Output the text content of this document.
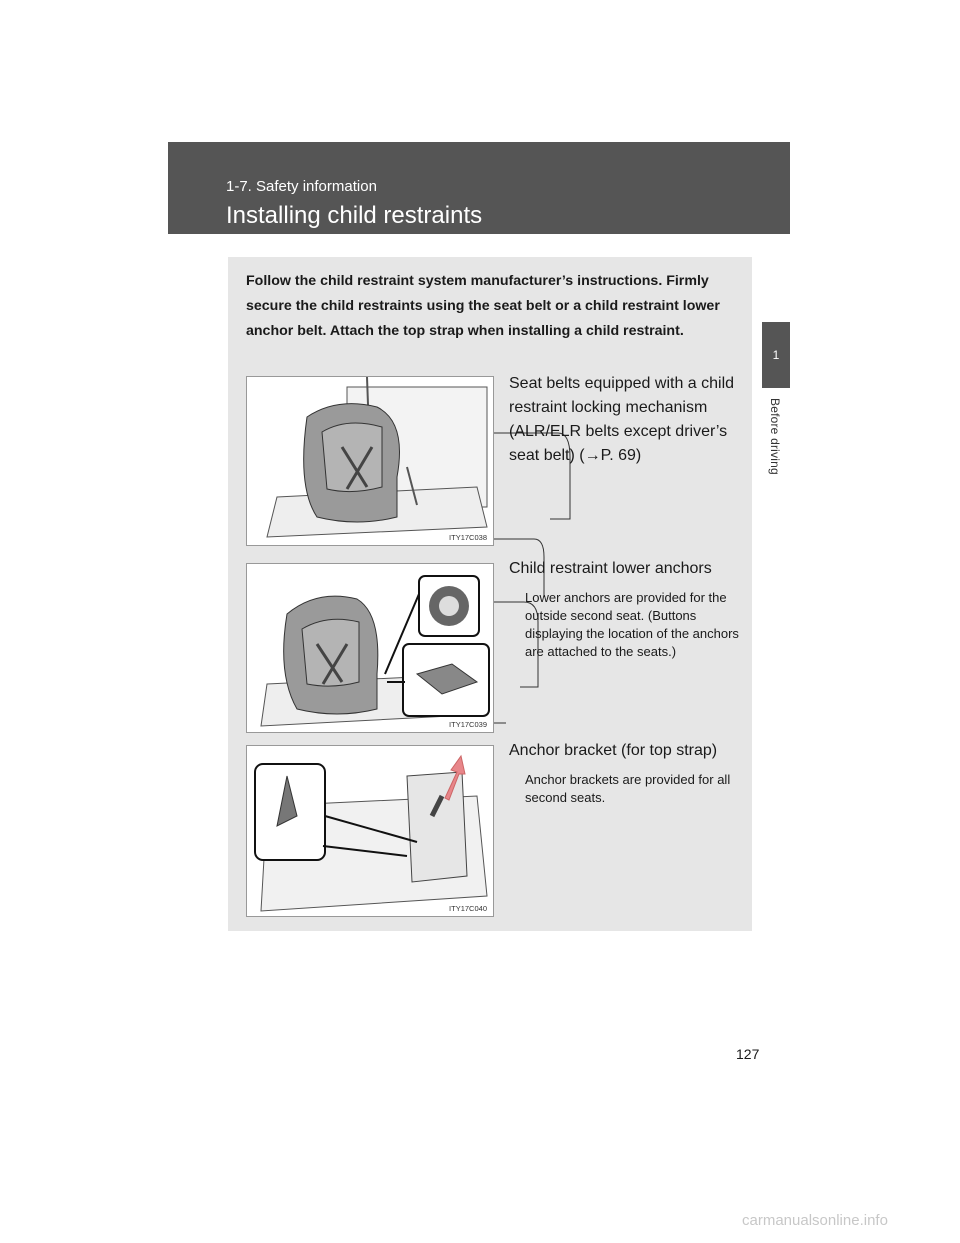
1-7. Safety information
Installing child restraints
1
Before driving
Follow the child restraint system manufacturer’s instructions. Firmly secure the child restraints using the seat belt or a child restraint lower anchor belt. Attach the top strap when installing a child restraint.
ITY17C038
Seat belts equipped with a child restraint locking mechanism (ALR/ELR belts except driver’s seat belt) (→P. 69)
ITY17C039
Child restraint lower anchors
Lower anchors are provided for the outside second seat. (Buttons displaying the location of the anchors are attached to the seats.)
ITY17C040
Anchor bracket (for top strap)
Anchor brackets are provided for all second seats.
127
carmanualsonline.info
